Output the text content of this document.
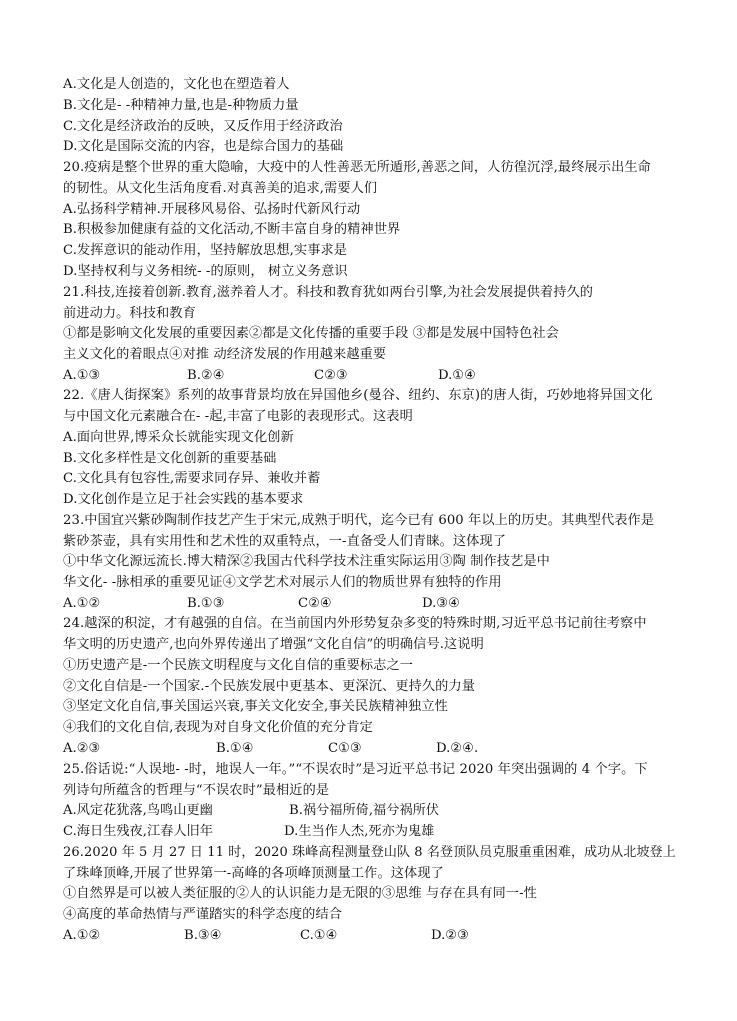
A.文化是人创造的，文化也在塑造着人
B.文化是- -种精神力量,也是-种物质力量
C.文化是经济政治的反映，又反作用于经济政治
D.文化是国际交流的内容，也是综合国力的基础
20.疫病是整个世界的重大隐喻，大疫中的人性善恶无所遁形,善恶之间，人彷徨沉浮,最终展示出生命
的韧性。从文化生活角度看.对真善美的追求,需要人们
A.弘扬科学精神.开展移风易俗、弘扬时代新风行动
B.积极参加健康有益的文化活动,不断丰富自身的精神世界
C.发挥意识的能动作用，坚持解放思想,实事求是
D.坚持权利与义务相统- -的原则， 树立义务意识
21.科技,连接着创新.教育,滋养着人才。科技和教育犹如两台引擎,为社会发展提供着持久的
前进动力。科技和教育
①都是影响文化发展的重要因素②都是文化传播的重要手段 ③都是发展中国特色社会
主义文化的着眼点④对推 动经济发展的作用越来越重要
A.①③	B.②④	C②③	D.①④
22.《唐人街探案》系列的故事背景均放在异国他乡(曼谷、纽约、东京)的唐人街，巧妙地将异国文化
与中国文化元素融合在- -起,丰富了电影的表现形式。这表明
A.面向世界,博采众长就能实现文化创新
B.文化多样性是文化创新的重要基础
C.文化具有包容性,需要求同存异、兼收并蓄
D.文化创作是立足于社会实践的基本要求
23.中国宜兴紫砂陶制作技艺产生于宋元,成熟于明代，迄今已有 600 年以上的历史。其典型代表作是
紫砂茶壶，具有实用性和艺术性的双重特点，一-直备受人们青睐。这体现了
①中华文化源远流长.博大精深②我国古代科学技术注重实际运用③陶 制作技艺是中
华文化- -脉相承的重要见证④文学艺术对展示人们的物质世界有独特的作用
A.①②	B.①③	C②④	D.③④
24.越深的积淀，才有越强的自信。在当前国内外形势复杂多变的特殊时期,习近平总书记前往考察中
华文明的历史遗产,也向外界传递出了增强“文化自信”的明确信号.这说明
①历史遗产是-一个民族文明程度与文化自信的重要标志之一
②文化自信是-一个国家.-个民族发展中更基本、更深沉、更持久的力量
③坚定文化自信,事关国运兴衰,事关文化安全,事关民族精神独立性
④我们的文化自信,表现为对自身文化价值的充分肯定
A.②③	B.①④	C①③	D.②④.
25.俗话说:“人误地- -时，地误人一年。”“不误农时”是习近平总书记 2020 年突出强调的 4 个字。下
列诗句所蕴含的哲理与“不误农时”最相近的是
A.风定花犹落,鸟鸣山更幽	B.祸兮福所倚,福兮祸所伏
C.海日生残夜,江春人旧年	D.生当作人杰,死亦为鬼雄
26.2020 年 5 月 27 日 11 时，2020 珠峰高程测量登山队 8 名登顶队员克服重重困难，成功从北坡登上
了珠峰顶峰,开展了世界第一-高峰的各项峰顶测量工作。这体现了
①自然界是可以被人类征服的②人的认识能力是无限的③思维 与存在具有同一-性
④高度的革命热情与严谨踏实的科学态度的结合
A.①②	B.③④	C.①④	D.②③
